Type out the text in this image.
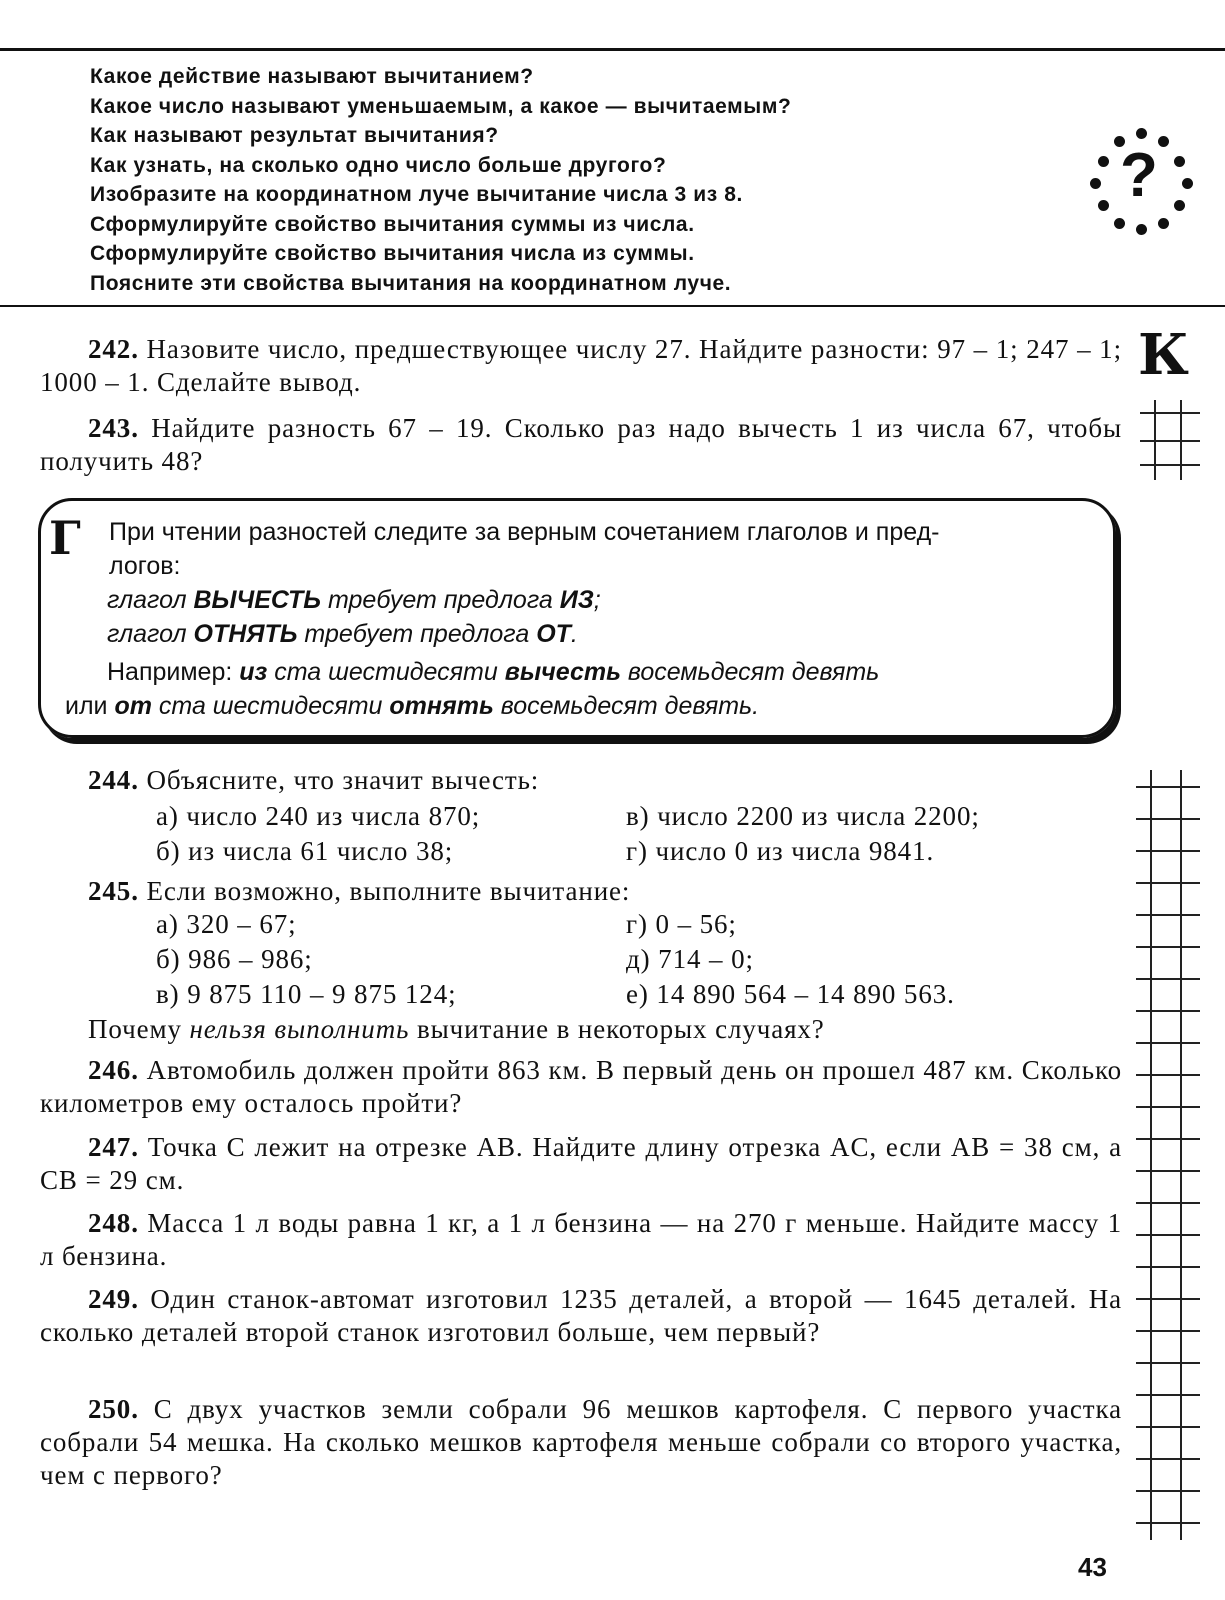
Какое действие называют вычитанием?
Какое число называют уменьшаемым, а какое — вычитаемым?
Как называют результат вычитания?
Как узнать, на сколько одно число больше другого?
Изобразите на координатном луче вычитание числа 3 из 8.
Сформулируйте свойство вычитания суммы из числа.
Сформулируйте свойство вычитания числа из суммы.
Поясните эти свойства вычитания на координатном луче.
?
К

242. Назовите число, предшествующее числу 27. Найдите разности: 97 – 1; 247 – 1; 1000 – 1. Сделайте вывод.

243. Найдите разность 67 – 19. Сколько раз надо вычесть 1 из числа 67, чтобы получить 48?

Г	При чтении разностей следите за верным сочетанием глаголов и пред-
логов:
глагол ВЫЧЕСТЬ требует предлога ИЗ;
глагол ОТНЯТЬ требует предлога ОТ.
Например: из ста шестидесяти вычесть восемьдесят девять
или от ста шестидесяти отнять восемьдесят девять.

244. Объясните, что значит вычесть:

а) число 240 из числа 870;	в) число 2200 из числа 2200;
б) из числа 61 число 38;	г) число 0 из числа 9841.

245. Если возможно, выполните вычитание:

а) 320 – 67;	г) 0 – 56;
б) 986 – 986;	д) 714 – 0;
в) 9 875 110 – 9 875 124;	е) 14 890 564 – 14 890 563.

Почему нельзя выполнить вычитание в некоторых случаях?

246. Автомобиль должен пройти 863 км. В первый день он прошел 487 км. Сколько километров ему осталось пройти?

247. Точка C лежит на отрезке AB. Найдите длину отрезка AC, если AB = 38 см, а CB = 29 см.

248. Масса 1 л воды равна 1 кг, а 1 л бензина — на 270 г меньше. Найдите массу 1 л бензина.

249. Один станок-автомат изготовил 1235 деталей, а второй — 1645 деталей. На сколько деталей второй станок изготовил больше, чем первый?

250. С двух участков земли собрали 96 мешков картофеля. С первого участка собрали 54 мешка. На сколько мешков картофеля меньше собрали со второго участка, чем с первого?

43
